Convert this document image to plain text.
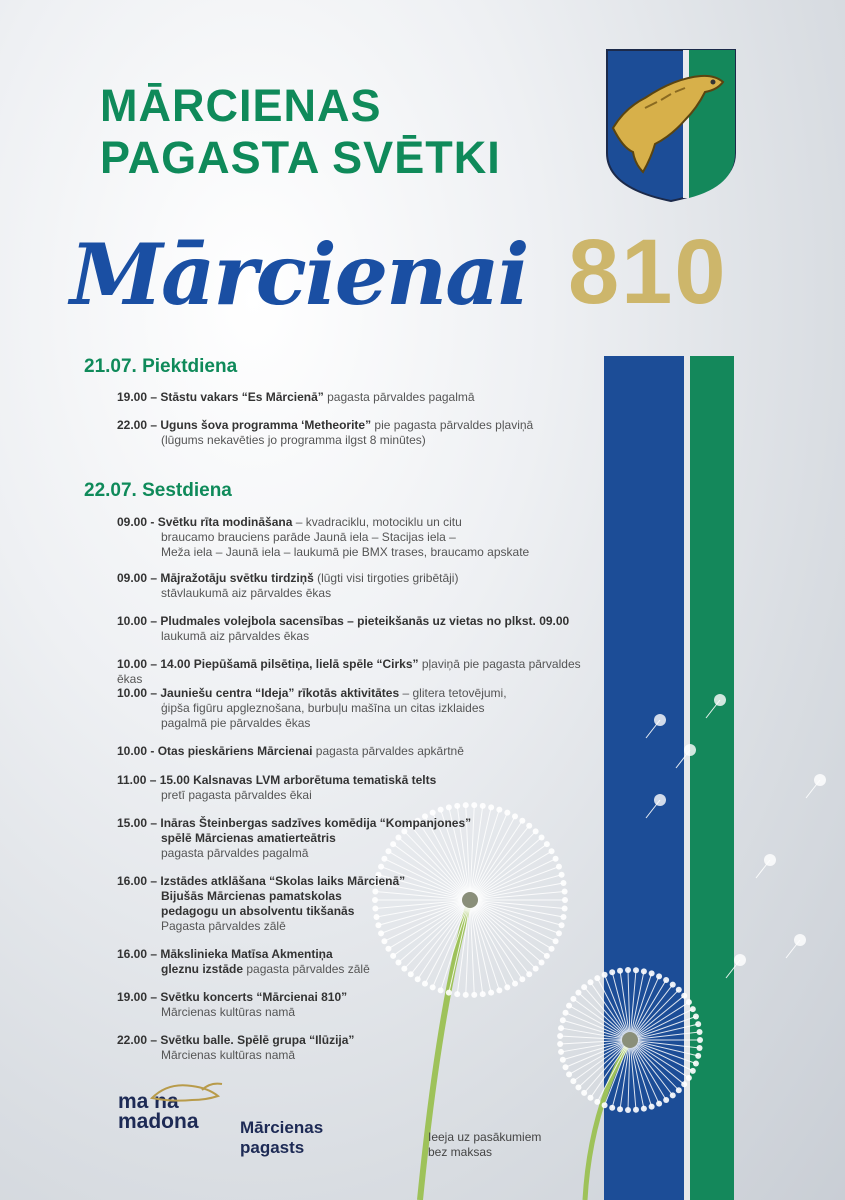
MĀRCIENAS
PAGASTA SVĒTKI
Mārcienai 810
21.07. Piektdiena
19.00 – Stāstu vakars “Es Mārcienā” pagasta pārvaldes pagalmā
22.00 – Uguns šova programma ‘Metheorite” pie pagasta pārvaldes pļaviņā
(lūgums nekavēties jo programma ilgst 8 minūtes)
22.07. Sestdiena
09.00 - Svētku rīta modināšana – kvadraciklu, motociklu un citu
braucamo brauciens parāde Jaunā iela – Stacijas iela –
Meža iela – Jaunā iela – laukumā pie BMX trases, braucamo apskate
09.00 – Mājražotāju svētku tirdziņš (lūgti visi tirgoties gribētāji)
stāvlaukumā aiz pārvaldes ēkas
10.00 – Pludmales volejbola sacensības – pieteikšanās uz vietas no plkst. 09.00
laukumā aiz pārvaldes ēkas
10.00 – 14.00 Piepūšamā pilsētiņa, lielā spēle “Cirks” pļaviņā pie pagasta pārvaldes ēkas
10.00 – Jauniešu centra “Ideja” rīkotās aktivitātes – glitera tetovējumi,
ģipša figūru apgleznošana, burbuļu mašīna un citas izklaides
pagalmā pie pārvaldes ēkas
10.00 - Otas pieskāriens Mārcienai pagasta pārvaldes apkārtnē
11.00 – 15.00 Kalsnavas LVM arborētuma tematiskā telts
pretī pagasta pārvaldes ēkai
15.00 – Ināras Šteinbergas sadzīves komēdija “Kompanjones”
spēlē Mārcienas amatierteātris
pagasta pārvaldes pagalmā
16.00 – Izstādes atklāšana “Skolas laiks Mārcienā”
Bijušās Mārcienas pamatskolas
pedagogu un absolventu tikšanās
Pagasta pārvaldes zālē
16.00 – Mākslinieka Matīsa Akmentiņa
gleznu izstāde pagasta pārvaldes zālē
19.00 – Svētku koncerts “Mārcienai 810”
Mārcienas kultūras namā
22.00 – Svētku balle. Spēlē grupa “Ilūzija”
Mārcienas kultūras namā
ma na
madona Mārcienas
pagasts
Ieeja uz pasākumiem
bez maksas
